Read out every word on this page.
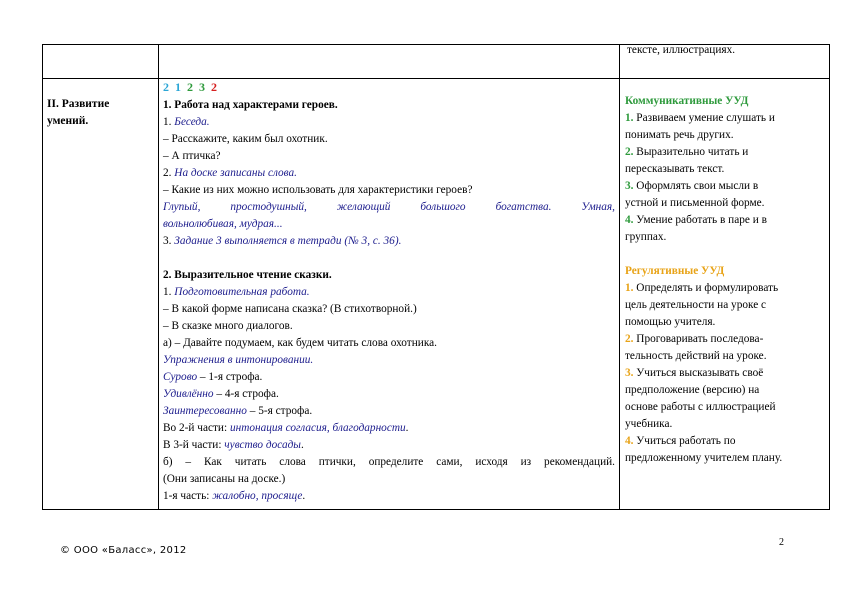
тексте, иллюстрациях.

II. Развитие

умений.

2 1 2 3 2

1. Работа над характерами героев.

1. Беседа.

– Расскажите, каким был охотник.

– А птичка?

2. На доске записаны слова.

– Какие из них можно использовать для характеристики героев?

Глупый, простодушный, желающий большого богатства. Умная,

вольнолюбивая, мудрая...

3. Задание 3 выполняется в тетради (№ 3, с. 36).

2. Выразительное чтение сказки.

1. Подготовительная работа.

– В какой форме написана сказка? (В стихотворной.)

– В сказке много диалогов.

а) – Давайте подумаем, как будем читать слова охотника.

Упражнения в интонировании.

Сурово – 1-я строфа.

Удивлённо – 4-я строфа.

Заинтересованно – 5-я строфа.

Во 2-й части: интонация согласия, благодарности.

В 3-й части: чувство досады.

б) – Как читать слова птички, определите сами, исходя из рекомендаций.

(Они записаны на доске.)

1-я часть: жалобно, просяще.

Коммуникативные УУД

1. Развиваем умение слушать и

понимать речь других.

2. Выразительно читать и

пересказывать текст.

3. Оформлять свои мысли в

устной и письменной форме.

4. Умение работать в паре и в

группах.

Регулятивные УУД

1. Определять и формулировать

цель деятельности на уроке с

помощью учителя.

2. Проговаривать последова-

тельность действий на уроке.

3. Учиться высказывать своё

предположение (версию) на

основе работы с иллюстрацией

учебника.

4. Учиться работать по

предложенному учителем плану.

2
© ООО «Баласс», 2012
